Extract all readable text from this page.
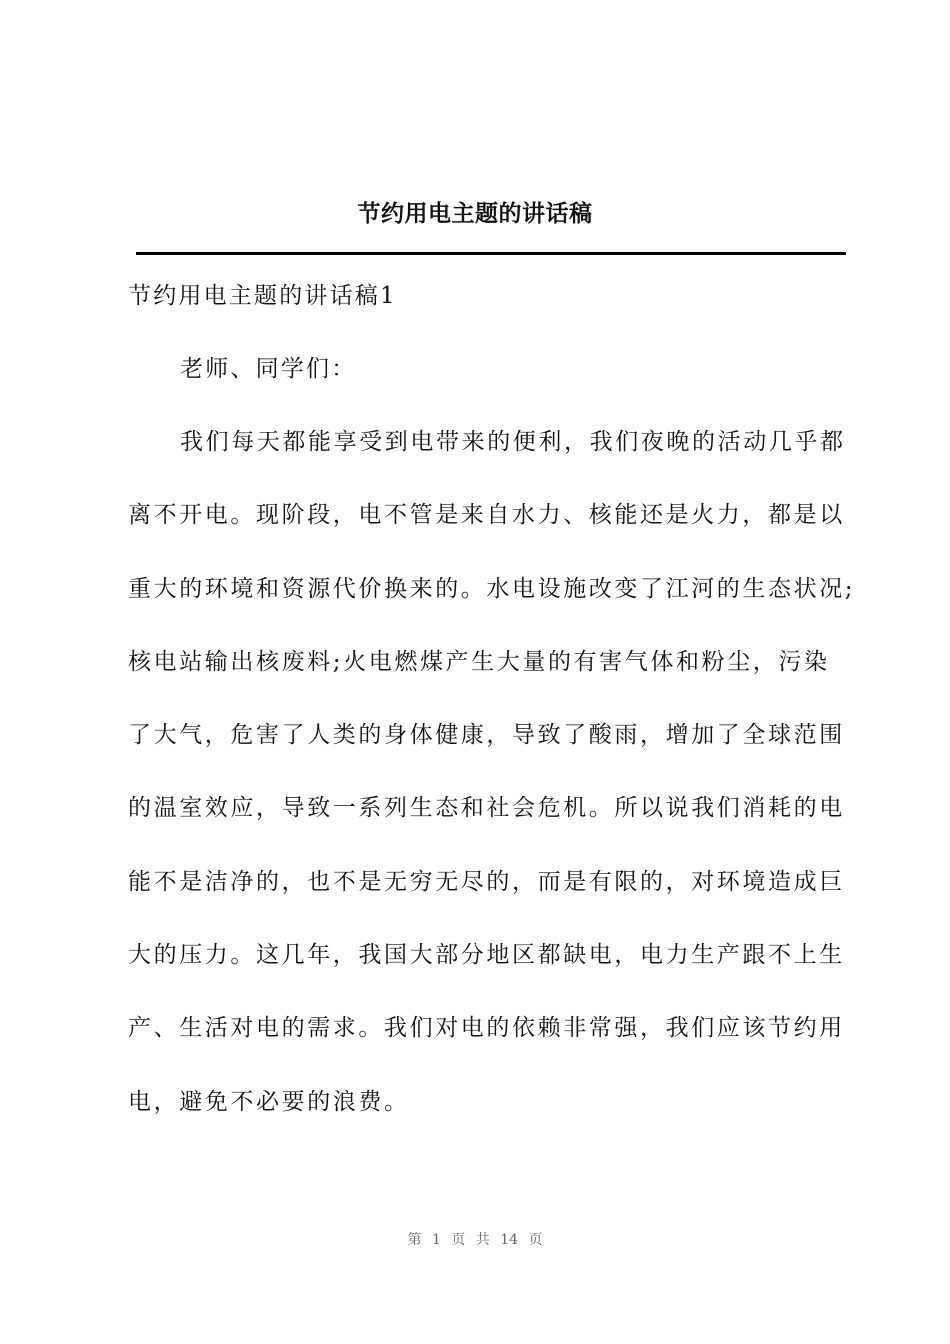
节约用电主题的讲话稿
节约用电主题的讲话稿1
老师、同学们：
我们每天都能享受到电带来的便利，我们夜晚的活动几乎都
离不开电。现阶段，电不管是来自水力、核能还是火力，都是以
重大的环境和资源代价换来的。水电设施改变了江河的生态状况;
核电站输出核废料;火电燃煤产生大量的有害气体和粉尘，污染
了大气，危害了人类的身体健康，导致了酸雨，增加了全球范围
的温室效应，导致一系列生态和社会危机。所以说我们消耗的电
能不是洁净的，也不是无穷无尽的，而是有限的，对环境造成巨
大的压力。这几年，我国大部分地区都缺电，电力生产跟不上生
产、生活对电的需求。我们对电的依赖非常强，我们应该节约用
电，避免不必要的浪费。
第 1 页 共 14 页
